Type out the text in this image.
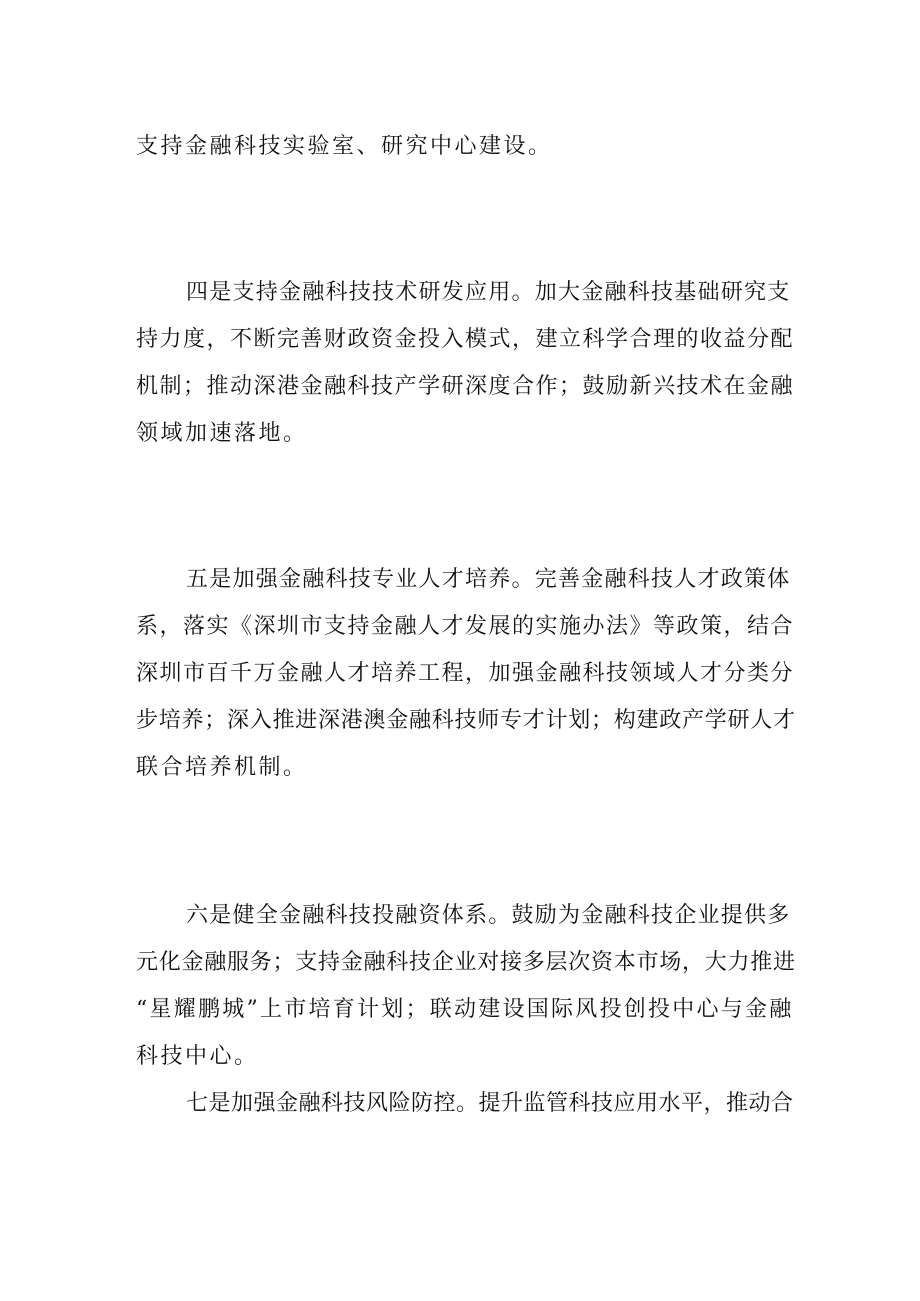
支持金融科技实验室、研究中心建设。
四是支持金融科技技术研发应用。加大金融科技基础研究支
持力度，不断完善财政资金投入模式，建立科学合理的收益分配
机制；推动深港金融科技产学研深度合作；鼓励新兴技术在金融
领域加速落地。
五是加强金融科技专业人才培养。完善金融科技人才政策体
系，落实《深圳市支持金融人才发展的实施办法》等政策，结合
深圳市百千万金融人才培养工程，加强金融科技领域人才分类分
步培养；深入推进深港澳金融科技师专才计划；构建政产学研人才
联合培养机制。
六是健全金融科技投融资体系。鼓励为金融科技企业提供多
元化金融服务；支持金融科技企业对接多层次资本市场，大力推进
“星耀鹏城”上市培育计划；联动建设国际风投创投中心与金融
科技中心。
七是加强金融科技风险防控。提升监管科技应用水平，推动合
